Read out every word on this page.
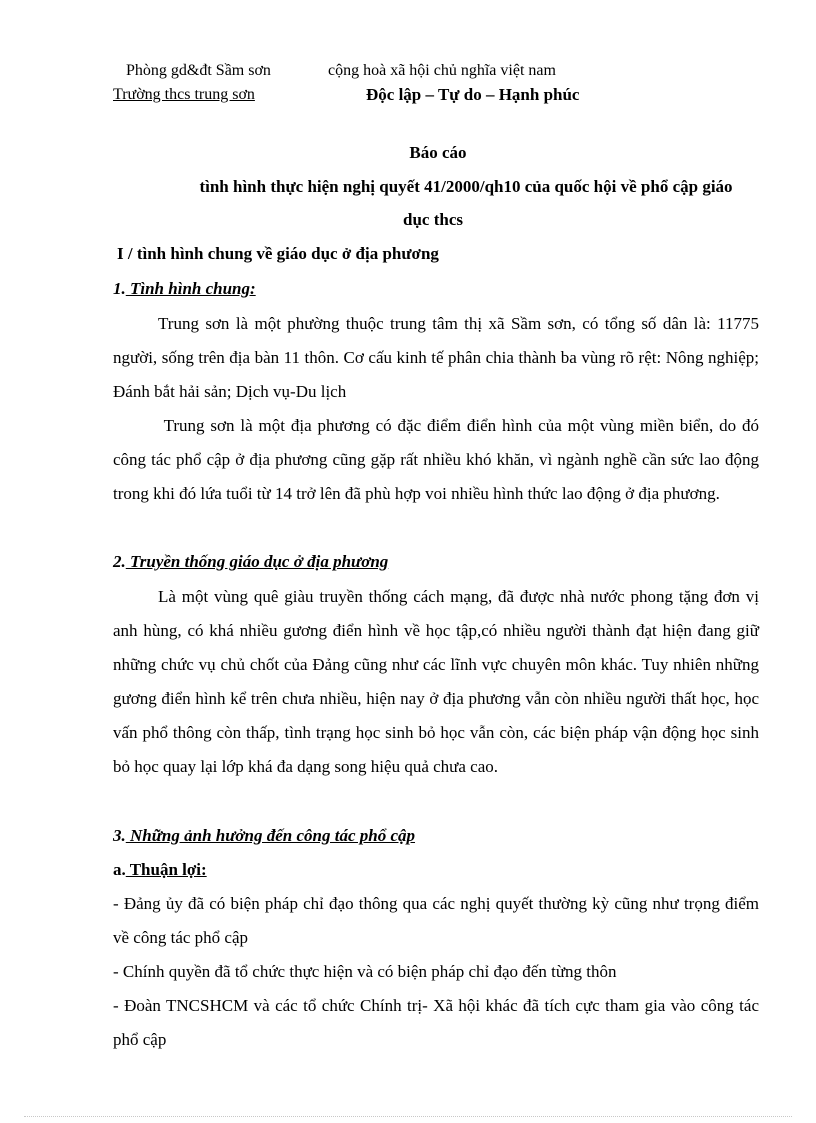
Phòng gd&đt Sầm sơn
Trường thcs trung sơn
cộng hoà xã hội chủ nghĩa việt nam
Độc lập – Tự do – Hạnh phúc
Báo cáo
tình hình thực hiện nghị quyết 41/2000/qh10 của quốc hội về phổ cập giáo
dục thcs
I / tình hình chung về giáo dục ở địa phương
1. Tình hình chung:
Trung sơn là một phường thuộc trung tâm thị xã Sầm sơn, có tổng số dân là: 11775 người, sống trên địa bàn 11 thôn. Cơ cấu kinh tế phân chia thành ba vùng rõ rệt: Nông nghiệp; Đánh bắt hải sản; Dịch vụ-Du lịch
Trung sơn là một địa phương có đặc điểm điển hình của một vùng miền biển, do đó công tác phổ cập ở địa phương cũng gặp rất nhiều khó khăn, vì ngành nghề cần sức lao động trong khi đó lứa tuổi từ 14 trở lên đã phù hợp voi nhiều hình thức lao động ở địa phương.
2. Truyền thống giáo dục ở địa phương
Là một vùng quê giàu truyền thống cách mạng, đã được nhà nước phong tặng đơn vị anh hùng, có khá nhiều gương điển hình về học tập,có nhiều người thành đạt hiện đang giữ những chức vụ chủ chốt của Đảng cũng như các lĩnh vực chuyên môn khác. Tuy nhiên những gương điển hình kể trên chưa nhiều, hiện nay ở địa phương vẫn còn nhiều người thất học, học vấn phổ thông còn thấp, tình trạng học sinh bỏ học vẫn còn, các biện pháp vận động học sinh bỏ học quay lại lớp khá đa dạng song hiệu quả chưa cao.
3. Những ảnh hưởng đến công tác phổ cập
a. Thuận lợi:
- Đảng ủy đã có biện pháp chỉ đạo thông qua các nghị quyết thường kỳ cũng như trọng điểm về công tác phổ cập
- Chính quyền đã tổ chức thực hiện và có biện pháp chỉ đạo đến từng thôn
- Đoàn TNCSHCM và các tổ chức Chính trị- Xã hội khác đã tích cực tham gia vào công tác phổ cập
